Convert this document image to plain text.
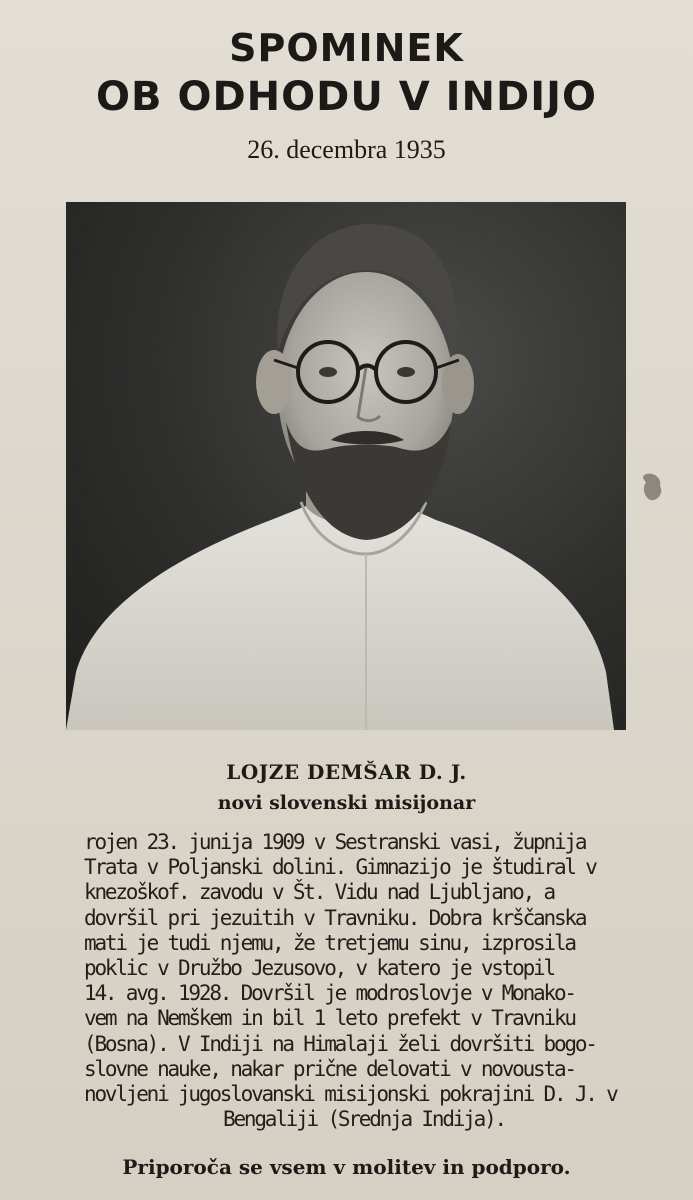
SPOMINEK
OB ODHODU V INDIJO
26. decembra 1935
LOJZE DEMŠAR D. J.
novi slovenski misijonar
rojen 23. junija 1909 v Sestranski vasi, župnija
Trata v Poljanski dolini. Gimnazijo je študiral v
knezoškof. zavodu v Št. Vidu nad Ljubljano, a
dovršil pri jezuitih v Travniku. Dobra krščanska
mati je tudi njemu, že tretjemu sinu, izprosila
poklic v Družbo Jezusovo, v katero je vstopil
14. avg. 1928. Dovršil je modroslovje v Monako-
vem na Nemškem in bil 1 leto prefekt v Travniku
(Bosna). V Indiji na Himalaji želi dovršiti bogo-
slovne nauke, nakar prične delovati v novousta-
novljeni jugoslovanski misijonski pokrajini D. J. v
Bengaliji (Srednja Indija).
Priporoča se vsem v molitev in podporo.
